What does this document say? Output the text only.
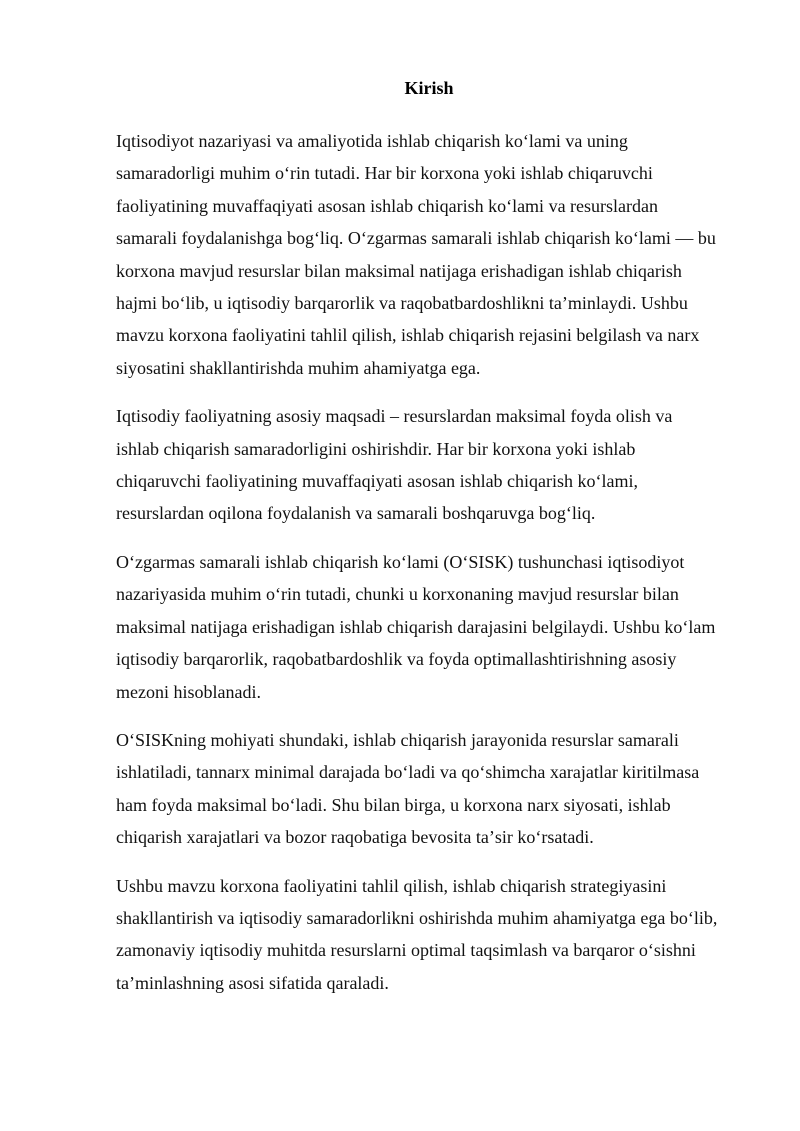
Kirish

Iqtisodiyot nazariyasi va amaliyotida ishlab chiqarish koʻlami va uning
samaradorligi muhim oʻrin tutadi. Har bir korxona yoki ishlab chiqaruvchi
faoliyatining muvaffaqiyati asosan ishlab chiqarish koʻlami va resurslardan
samarali foydalanishga bogʻliq. Oʻzgarmas samarali ishlab chiqarish koʻlami — bu
korxona mavjud resurslar bilan maksimal natijaga erishadigan ishlab chiqarish
hajmi boʻlib, u iqtisodiy barqarorlik va raqobatbardoshlikni taʼminlaydi. Ushbu
mavzu korxona faoliyatini tahlil qilish, ishlab chiqarish rejasini belgilash va narx
siyosatini shakllantirishda muhim ahamiyatga ega.

Iqtisodiy faoliyatning asosiy maqsadi – resurslardan maksimal foyda olish va
ishlab chiqarish samaradorligini oshirishdir. Har bir korxona yoki ishlab
chiqaruvchi faoliyatining muvaffaqiyati asosan ishlab chiqarish koʻlami,
resurslardan oqilona foydalanish va samarali boshqaruvga bogʻliq.

Oʻzgarmas samarali ishlab chiqarish koʻlami (OʻSISK) tushunchasi iqtisodiyot
nazariyasida muhim oʻrin tutadi, chunki u korxonaning mavjud resurslar bilan
maksimal natijaga erishadigan ishlab chiqarish darajasini belgilaydi. Ushbu koʻlam
iqtisodiy barqarorlik, raqobatbardoshlik va foyda optimallashtirishning asosiy
mezoni hisoblanadi.

OʻSISKning mohiyati shundaki, ishlab chiqarish jarayonida resurslar samarali
ishlatiladi, tannarx minimal darajada boʻladi va qoʻshimcha xarajatlar kiritilmasa
ham foyda maksimal boʻladi. Shu bilan birga, u korxona narx siyosati, ishlab
chiqarish xarajatlari va bozor raqobatiga bevosita taʼsir koʻrsatadi.

Ushbu mavzu korxona faoliyatini tahlil qilish, ishlab chiqarish strategiyasini
shakllantirish va iqtisodiy samaradorlikni oshirishda muhim ahamiyatga ega boʻlib,
zamonaviy iqtisodiy muhitda resurslarni optimal taqsimlash va barqaror oʻsishni
taʼminlashning asosi sifatida qaraladi.
